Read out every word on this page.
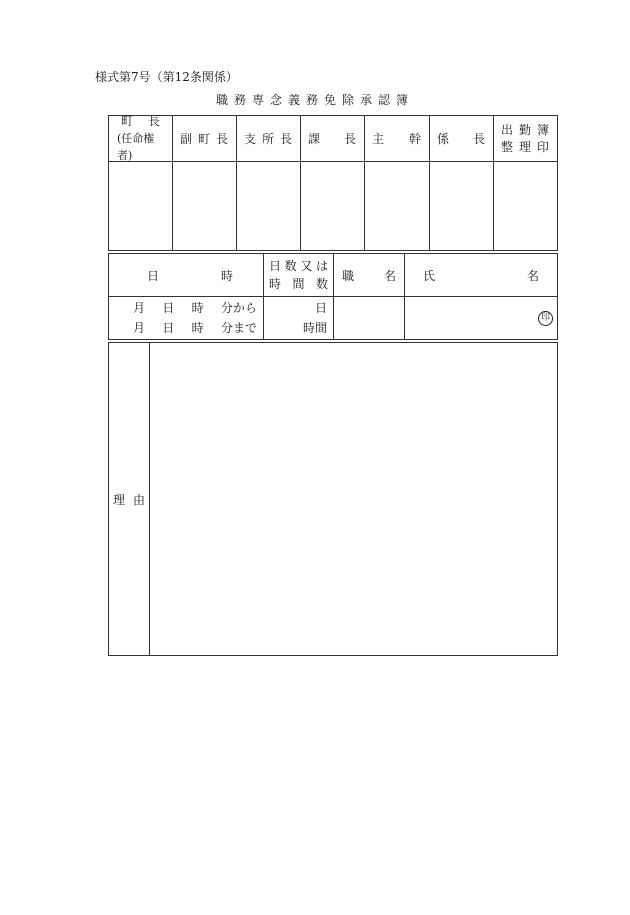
様式第7号（第12条関係）
職務専念義務免除承認簿
町 長
(任命権者)
副 町 長 支 所 長 課 長 主 幹 係 長
出 勤 簿
整 理 印
日	時
日 数 又 は
時 間 数
職 名 氏	名
月 日 時 分から
月 日 時 分まで
日
時間
印
理 由
